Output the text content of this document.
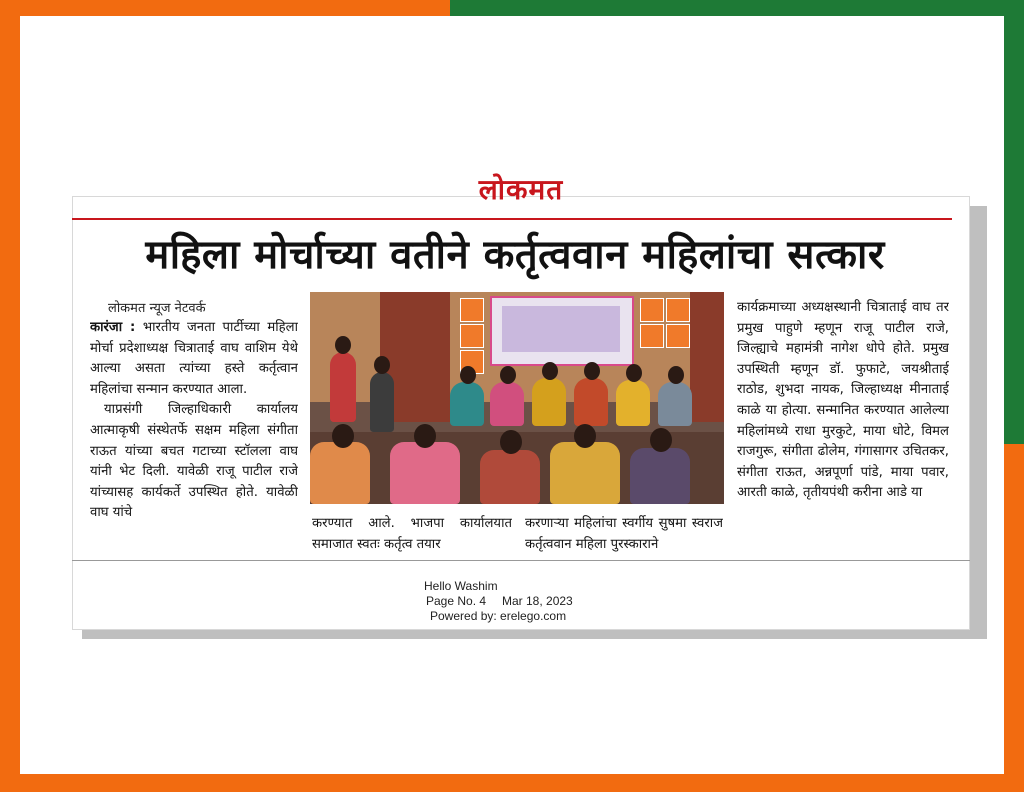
लोकमत
महिला मोर्चाच्या वतीने कर्तृत्ववान महिलांचा सत्कार
लोकमत न्यूज नेटवर्क
कारंजा : भारतीय जनता पार्टीच्या महिला मोर्चा प्रदेशाध्यक्ष चित्राताई वाघ वाशिम येथे आल्या असता त्यांच्या हस्ते कर्तृत्वान महिलांचा सन्मान करण्यात आला.
याप्रसंगी जिल्हाधिकारी कार्यालय आत्माकृषी संस्थेतर्फे सक्षम महिला संगीता राऊत यांच्या बचत गटाच्या स्टॉलला वाघ यांनी भेट दिली. यावेळी राजू पाटील राजे यांच्यासह कार्यकर्ते उपस्थित होते. यावेळी वाघ यांचे
करण्यात आले. भाजपा कार्यालयात समाजात स्वतः कर्तृत्व तयार
करणाऱ्या महिलांचा स्वर्गीय सुषमा स्वराज कर्तृत्ववान महिला पुरस्काराने
कार्यक्रमाच्या अध्यक्षस्थानी चित्राताई वाघ तर प्रमुख पाहुणे म्हणून राजू पाटील राजे, जिल्ह्याचे महामंत्री नागेश धोपे होते. प्रमुख उपस्थिती म्हणून डॉ. फुफाटे, जयश्रीताई राठोड, शुभदा नायक, जिल्हाध्यक्ष मीनाताई काळे या होत्या. सन्मानित करण्यात आलेल्या महिलांमध्ये राधा मुरकुटे, माया धोटे, विमल राजगुरू, संगीता ढोलेम, गंगासागर उचितकर, संगीता राऊत, अन्नपूर्णा पांडे, माया पवार, आरती काळे, तृतीयपंथी करीना आडे या
Hello Washim
Page No. 4 Mar 18, 2023
Powered by: erelego.com
